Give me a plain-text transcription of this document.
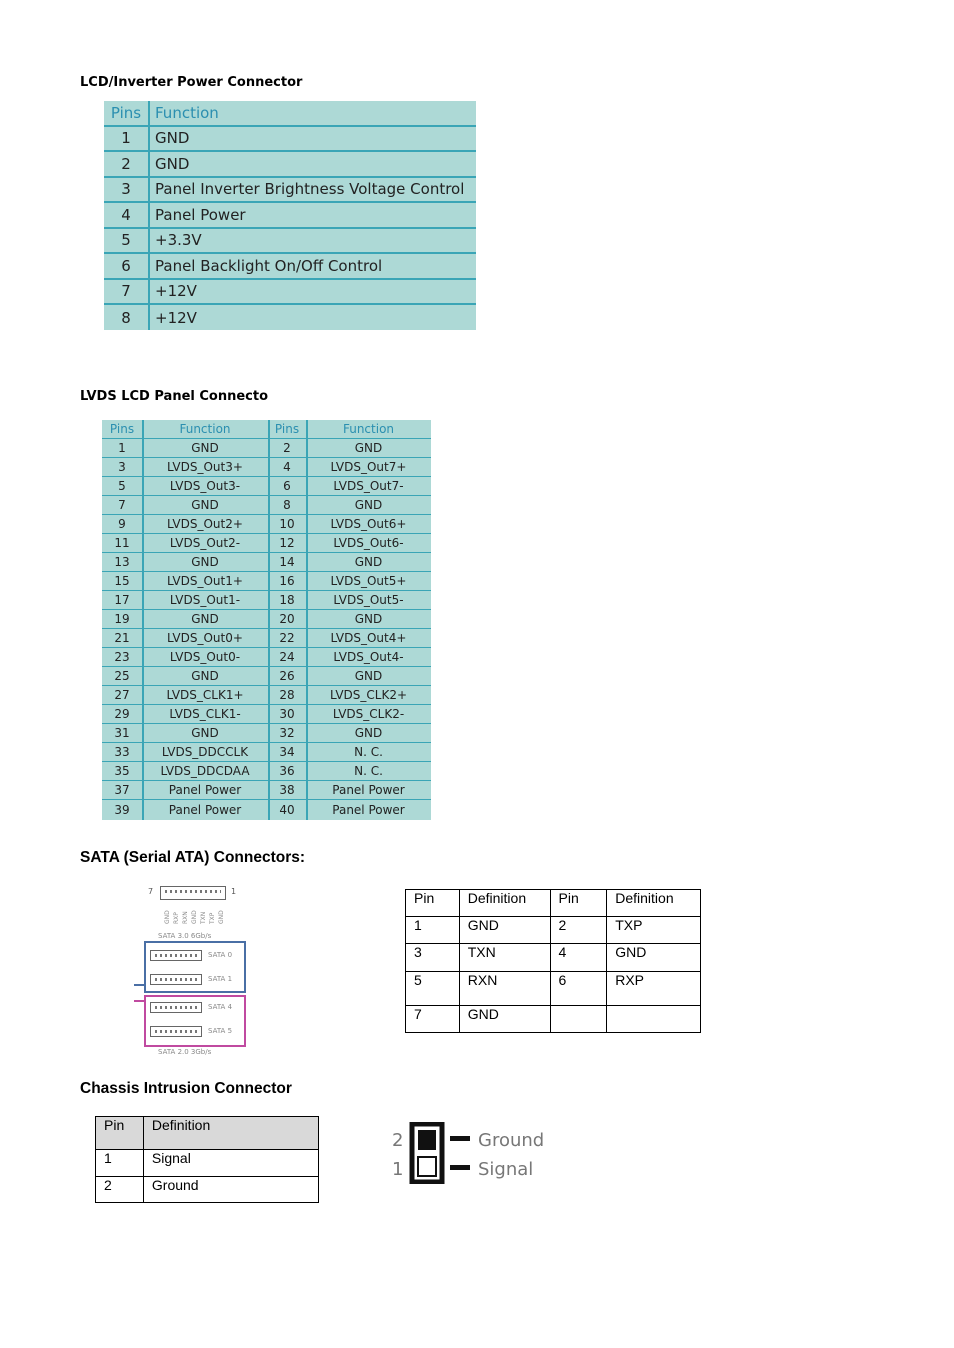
LCD/Inverter Power Connector
Pins Function
1	GND
2	GND
3	Panel Inverter Brightness Voltage Control
4	Panel Power
5	+3.3V
6	Panel Backlight On/Off Control
7	+12V
8	+12V
LVDS LCD Panel Connecto
Pins	Function	Pins	Function
1	GND	2	GND
3	LVDS_Out3+	4	LVDS_Out7+
5	LVDS_Out3-	6	LVDS_Out7-
7	GND	8	GND
9	LVDS_Out2+	10	LVDS_Out6+
11	LVDS_Out2-	12	LVDS_Out6-
13	GND	14	GND
15	LVDS_Out1+	16	LVDS_Out5+
17	LVDS_Out1-	18	LVDS_Out5-
19	GND	20	GND
21	LVDS_Out0+	22	LVDS_Out4+
23	LVDS_Out0-	24	LVDS_Out4-
25	GND	26	GND
27	LVDS_CLK1+	28	LVDS_CLK2+
29	LVDS_CLK1-	30	LVDS_CLK2-
31	GND	32	GND
33	LVDS_DDCCLK	34	N. C.
35	LVDS_DDCDAA	36	N. C.
37	Panel Power	38	Panel Power
39	Panel Power	40	Panel Power
SATA (Serial ATA) Connectors:
7	1
GND RXP RXN GND TXN TXP GND
SATA 3.0 6Gb/s
SATA 0
SATA 1
SATA 4
SATA 5
SATA 2.0 3Gb/s
Pin	Definition	Pin	Definition
1	GND	2	TXP
3	TXN	4	GND
5	RXN	6	RXP
7	GND		
Chassis Intrusion Connector
Pin	Definition
1	Signal
2	Ground
2
1
Ground
Signal
